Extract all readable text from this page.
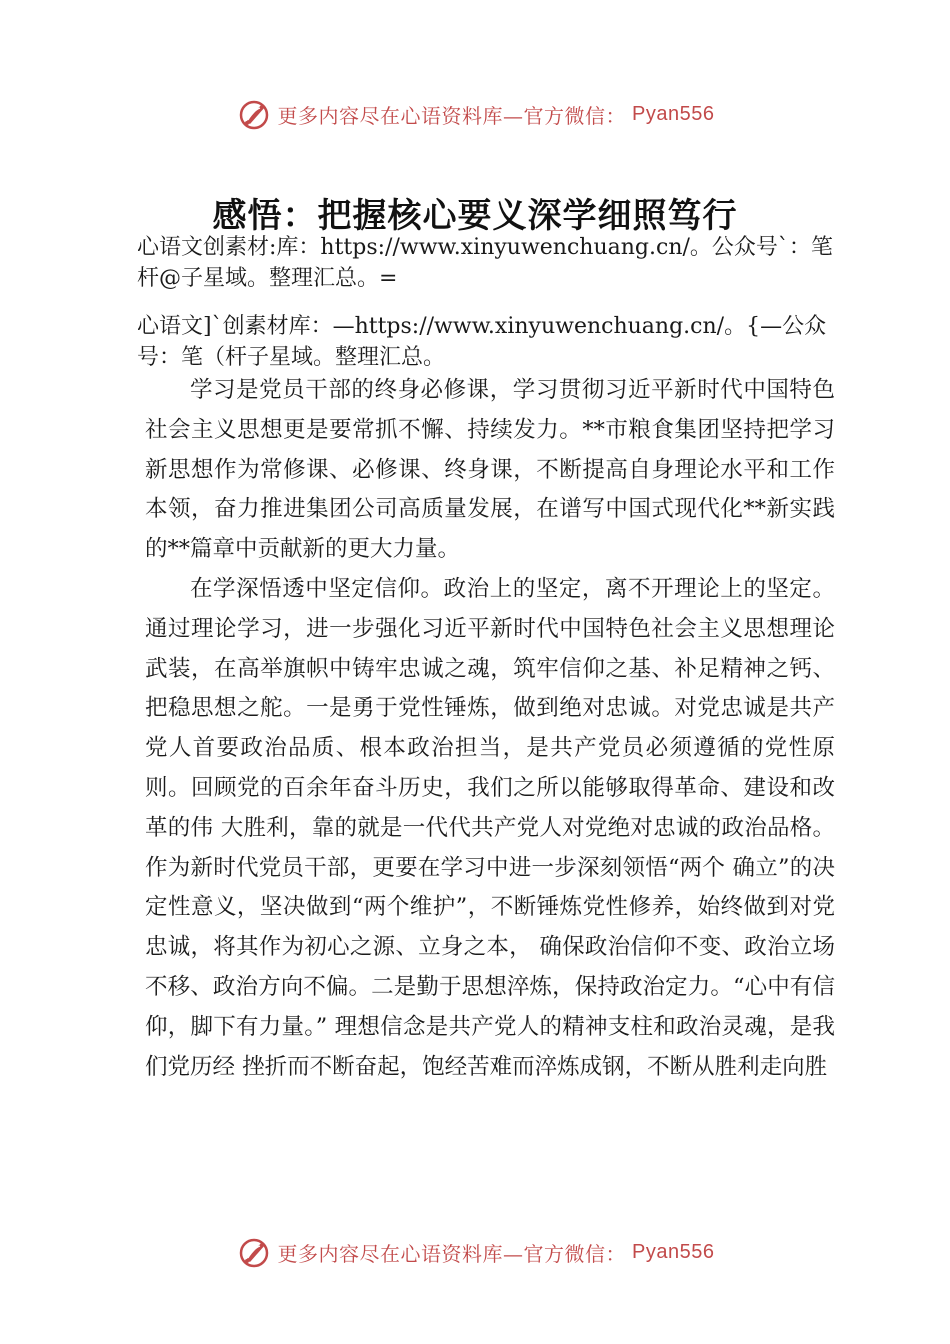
更多内容尽在心语资料库—官方微信： Pyan556
感悟：把握核心要义深学细照笃行

心语文创素材:库：https://www.xinyuwenchuang.cn/。公众号`：笔杆@子星域。整理汇总。=

心语文]`创素材库：—https://www.xinyuwenchuang.cn/。{—公众号：笔（杆子星域。整理汇总。

学习是党员干部的终身必修课，学习贯彻习近平新时代中国特色社会主义思想更是要常抓不懈、持续发力。**市粮食集团坚持把学习新思想作为常修课、必修课、终身课，不断提高自身理论水平和工作本领，奋力推进集团公司高质量发展，在谱写中国式现代化**新实践的**篇章中贡献新的更大力量。

在学深悟透中坚定信仰。政治上的坚定，离不开理论上的坚定。通过理论学习，进一步强化习近平新时代中国特色社会主义思想理论武装，在高举旗帜中铸牢忠诚之魂，筑牢信仰之基、补足精神之钙、把稳思想之舵。一是勇于党性锤炼，做到绝对忠诚。对党忠诚是共产党人首要政治品质、根本政治担当，是共产党员必须遵循的党性原则。回顾党的百余年奋斗历史，我们之所以能够取得革命、建设和改革的伟 大胜利，靠的就是一代代共产党人对党绝对忠诚的政治品格。作为新时代党员干部，更要在学习中进一步深刻领悟“两个 确立”的决定性意义，坚决做到“两个维护”，不断锤炼党性修养，始终做到对党忠诚，将其作为初心之源、立身之本， 确保政治信仰不变、政治立场不移、政治方向不偏。二是勤于思想淬炼，保持政治定力。“心中有信仰，脚下有力量。” 理想信念是共产党人的精神支柱和政治灵魂，是我们党历经 挫折而不断奋起，饱经苦难而淬炼成钢，不断从胜利走向胜

更多内容尽在心语资料库—官方微信： Pyan556
